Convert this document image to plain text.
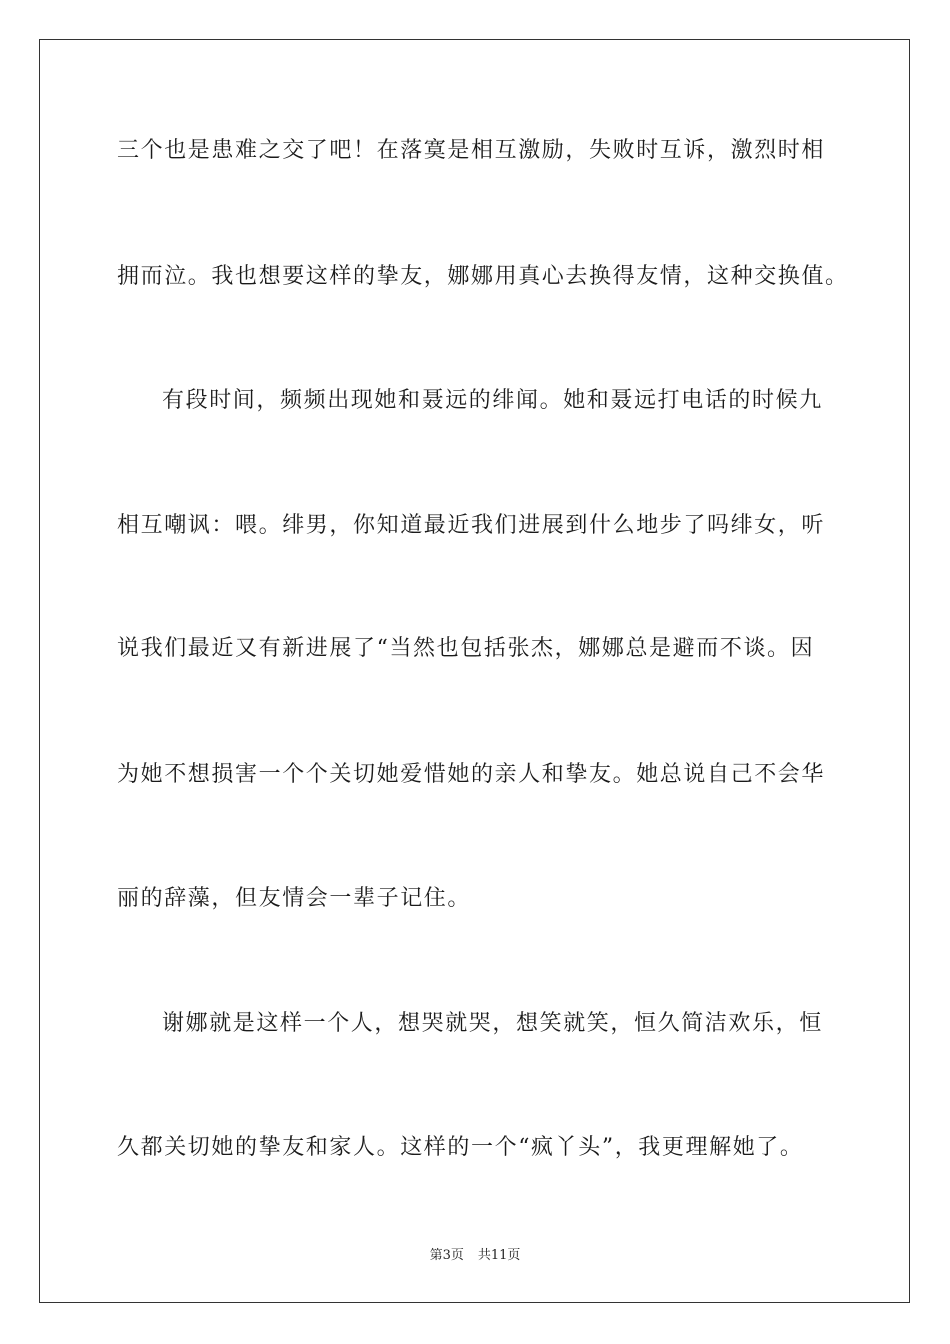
三个也是患难之交了吧！在落寞是相互激励，失败时互诉，激烈时相
拥而泣。我也想要这样的挚友，娜娜用真心去换得友情，这种交换值。
有段时间，频频出现她和聂远的绯闻。她和聂远打电话的时候九
相互嘲讽：喂。绯男，你知道最近我们进展到什么地步了吗绯女，听
说我们最近又有新进展了“当然也包括张杰，娜娜总是避而不谈。因
为她不想损害一个个关切她爱惜她的亲人和挚友。她总说自己不会华
丽的辞藻，但友情会一辈子记住。
谢娜就是这样一个人，想哭就哭，想笑就笑，恒久简洁欢乐，恒
久都关切她的挚友和家人。这样的一个“疯丫头”，我更理解她了。
第3页 共11页
